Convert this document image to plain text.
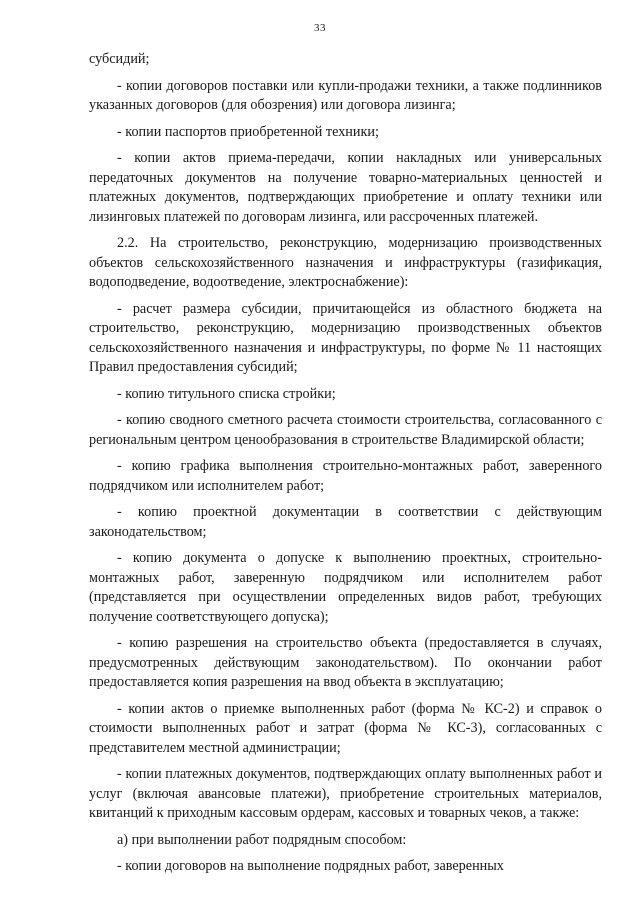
33

субсидий;

- копии договоров поставки или купли-продажи техники, а также подлинников указанных договоров (для обозрения) или договора лизинга;

- копии паспортов приобретенной техники;

- копии актов приема-передачи, копии накладных или универсальных передаточных документов на получение товарно-материальных ценностей и платежных документов, подтверждающих приобретение и оплату техники или лизинговых платежей по договорам лизинга, или рассроченных платежей.

2.2. На строительство, реконструкцию, модернизацию производственных объектов сельскохозяйственного назначения и инфраструктуры (газификация, водоподведение, водоотведение, электроснабжение):

- расчет размера субсидии, причитающейся из областного бюджета на строительство, реконструкцию, модернизацию производственных объектов сельскохозяйственного назначения и инфраструктуры, по форме № 11 настоящих Правил предоставления субсидий;

- копию титульного списка стройки;

- копию сводного сметного расчета стоимости строительства, согласованного с региональным центром ценообразования в строительстве Владимирской области;

- копию графика выполнения строительно-монтажных работ, заверенного подрядчиком или исполнителем работ;

- копию проектной документации в соответствии с действующим законодательством;

- копию документа о допуске к выполнению проектных, строительно-монтажных работ, заверенную подрядчиком или исполнителем работ (представляется при осуществлении определенных видов работ, требующих получение соответствующего допуска);

- копию разрешения на строительство объекта (предоставляется в случаях, предусмотренных действующим законодательством). По окончании работ предоставляется копия разрешения на ввод объекта в эксплуатацию;

- копии актов о приемке выполненных работ (форма № КС-2) и справок о стоимости выполненных работ и затрат (форма № КС-3), согласованных с представителем местной администрации;

- копии платежных документов, подтверждающих оплату выполненных работ и услуг (включая авансовые платежи), приобретение строительных материалов, квитанций к приходным кассовым ордерам, кассовых и товарных чеков, а также:

а) при выполнении работ подрядным способом:

- копии договоров на выполнение подрядных работ, заверенных
